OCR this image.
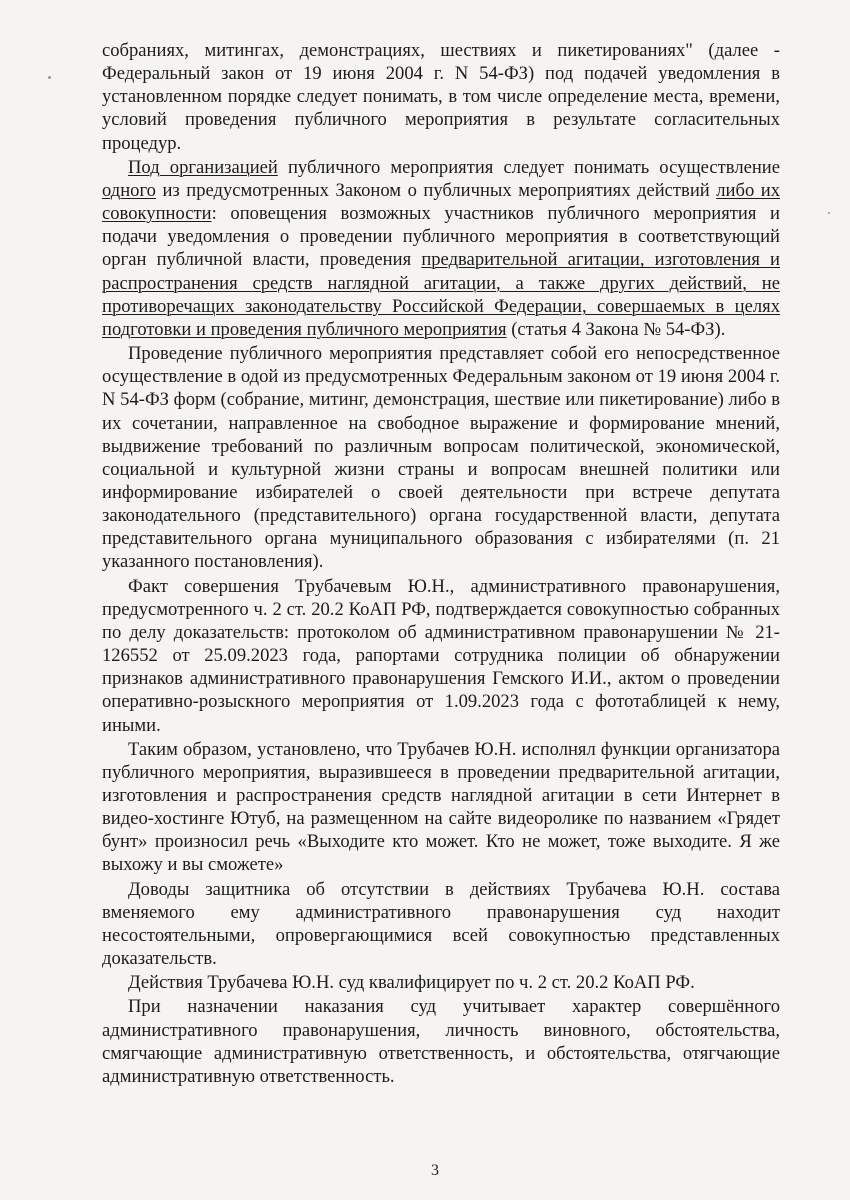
собраниях, митингах, демонстрациях, шествиях и пикетированиях" (далее - Федеральный закон от 19 июня 2004 г. N 54-ФЗ) под подачей уведомления в установленном порядке следует понимать, в том числе определение места, времени, условий проведения публичного мероприятия в результате согласительных процедур.

Под организацией публичного мероприятия следует понимать осуществление одного из предусмотренных Законом о публичных мероприятиях действий либо их совокупности: оповещения возможных участников публичного мероприятия и подачи уведомления о проведении публичного мероприятия в соответствующий орган публичной власти, проведения предварительной агитации, изготовления и распространения средств наглядной агитации, а также других действий, не противоречащих законодательству Российской Федерации, совершаемых в целях подготовки и проведения публичного мероприятия (статья 4 Закона № 54-ФЗ).

Проведение публичного мероприятия представляет собой его непосредственное осуществление в одой из предусмотренных Федеральным законом от 19 июня 2004 г. N 54-ФЗ форм (собрание, митинг, демонстрация, шествие или пикетирование) либо в их сочетании, направленное на свободное выражение и формирование мнений, выдвижение требований по различным вопросам политической, экономической, социальной и культурной жизни страны и вопросам внешней политики или информирование избирателей о своей деятельности при встрече депутата законодательного (представительного) органа государственной власти, депутата представительного органа муниципального образования с избирателями (п. 21 указанного постановления).

Факт совершения Трубачевым Ю.Н., административного правонарушения, предусмотренного ч. 2 ст. 20.2 КоАП РФ, подтверждается совокупностью собранных по делу доказательств: протоколом об административном правонарушении № 21-126552 от 25.09.2023 года, рапортами сотрудника полиции об обнаружении признаков административного правонарушения Гемского И.И., актом о проведении оперативно-розыскного мероприятия от 1.09.2023 года с фототаблицей к нему, иными.

Таким образом, установлено, что Трубачев Ю.Н. исполнял функции организатора публичного мероприятия, выразившееся в проведении предварительной агитации, изготовления и распространения средств наглядной агитации в сети Интернет в видео-хостинге Ютуб, на размещенном на сайте видеоролике по названием «Грядет бунт» произносил речь «Выходите кто может. Кто не может, тоже выходите. Я же выхожу и вы сможете»

Доводы защитника об отсутствии в действиях Трубачева Ю.Н. состава вменяемого ему административного правонарушения суд находит несостоятельными, опровергающимися всей совокупностью представленных доказательств.

Действия Трубачева Ю.Н. суд квалифицирует по ч. 2 ст. 20.2 КоАП РФ.

При назначении наказания суд учитывает характер совершённого административного правонарушения, личность виновного, обстоятельства, смягчающие административную ответственность, и обстоятельства, отягчающие административную ответственность.

3
